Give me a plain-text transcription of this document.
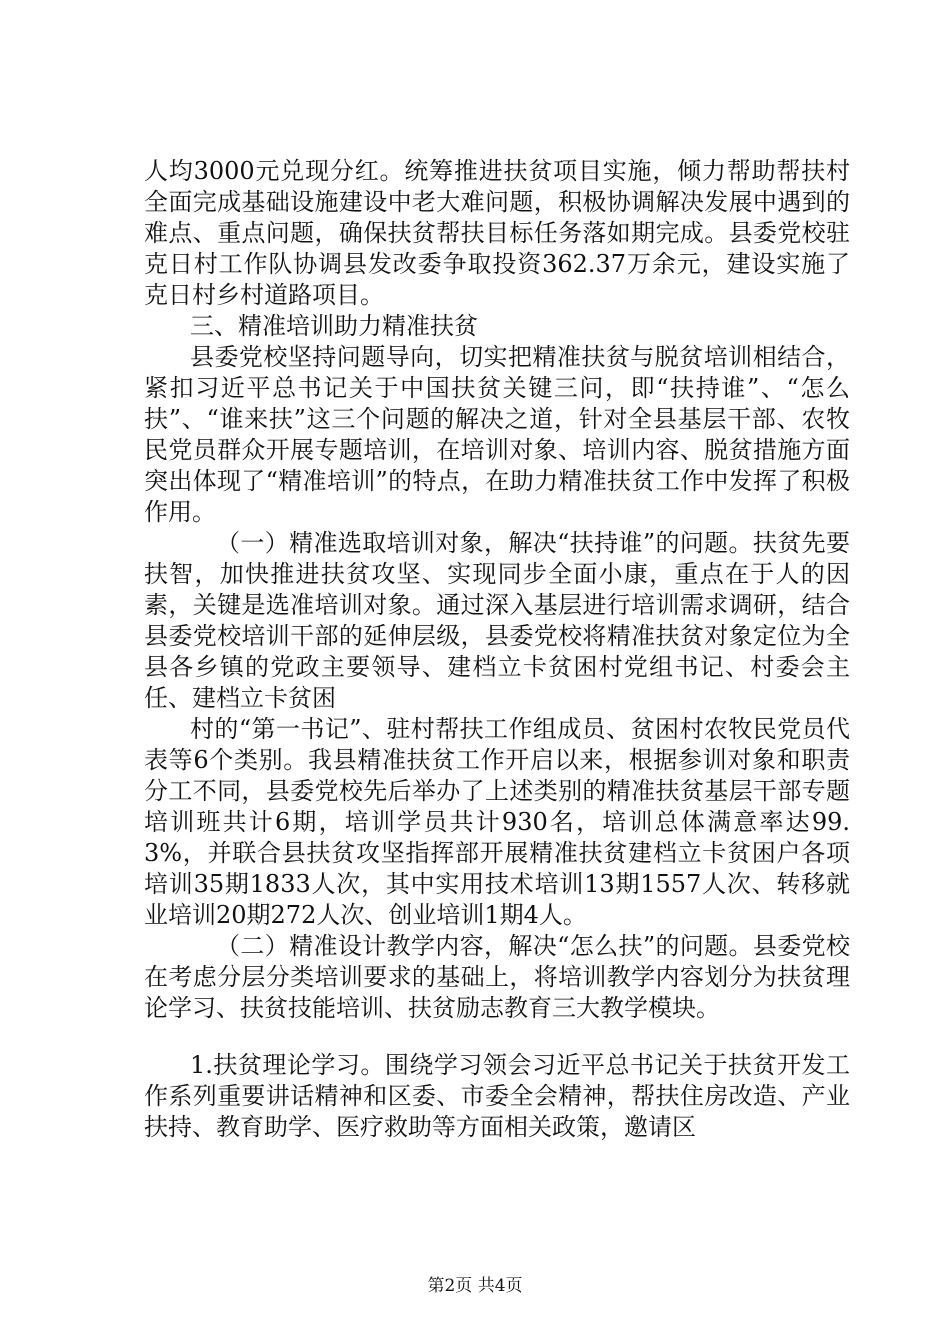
人均3000元兑现分红。统筹推进扶贫项目实施，倾力帮助帮扶村全面完成基础设施建设中老大难问题，积极协调解决发展中遇到的难点、重点问题，确保扶贫帮扶目标任务落如期完成。县委党校驻克日村工作队协调县发改委争取投资362.37万余元，建设实施了克日村乡村道路项目。

三、精准培训助力精准扶贫

县委党校坚持问题导向，切实把精准扶贫与脱贫培训相结合，紧扣习近平总书记关于中国扶贫关键三问，即“扶持谁”、“怎么扶”、“谁来扶”这三个问题的解决之道，针对全县基层干部、农牧民党员群众开展专题培训，在培训对象、培训内容、脱贫措施方面突出体现了“精准培训”的特点，在助力精准扶贫工作中发挥了积极作用。

（一）精准选取培训对象，解决“扶持谁”的问题。扶贫先要扶智，加快推进扶贫攻坚、实现同步全面小康，重点在于人的因素，关键是选准培训对象。通过深入基层进行培训需求调研，结合县委党校培训干部的延伸层级，县委党校将精准扶贫对象定位为全县各乡镇的党政主要领导、建档立卡贫困村党组书记、村委会主任、建档立卡贫困

村的“第一书记”、驻村帮扶工作组成员、贫困村农牧民党员代表等6个类别。我县精准扶贫工作开启以来，根据参训对象和职责分工不同，县委党校先后举办了上述类别的精准扶贫基层干部专题培训班共计6期，培训学员共计930名，培训总体满意率达99.3%，并联合县扶贫攻坚指挥部开展精准扶贫建档立卡贫困户各项培训35期1833人次，其中实用技术培训13期1557人次、转移就业培训20期272人次、创业培训1期4人。

（二）精准设计教学内容，解决“怎么扶”的问题。县委党校在考虑分层分类培训要求的基础上，将培训教学内容划分为扶贫理论学习、扶贫技能培训、扶贫励志教育三大教学模块。

1.扶贫理论学习。围绕学习领会习近平总书记关于扶贫开发工作系列重要讲话精神和区委、市委全会精神，帮扶住房改造、产业扶持、教育助学、医疗救助等方面相关政策，邀请区

第2页 共4页
